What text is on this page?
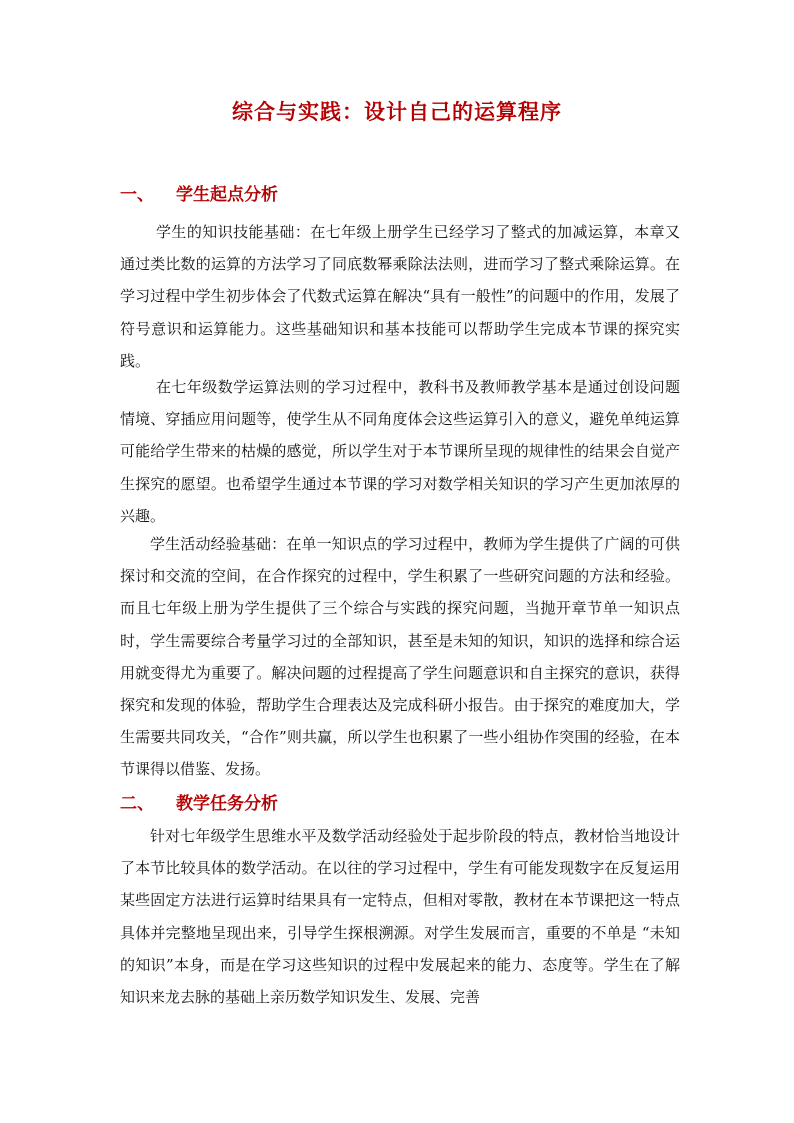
综合与实践：设计自己的运算程序
一、 学生起点分析

学生的知识技能基础：在七年级上册学生已经学习了整式的加减运算，本章又通过类比数的运算的方法学习了同底数幂乘除法法则，进而学习了整式乘除运算。在学习过程中学生初步体会了代数式运算在解决“具有一般性”的问题中的作用，发展了符号意识和运算能力。这些基础知识和基本技能可以帮助学生完成本节课的探究实践。

在七年级数学运算法则的学习过程中，教科书及教师教学基本是通过创设问题情境、穿插应用问题等，使学生从不同角度体会这些运算引入的意义，避免单纯运算可能给学生带来的枯燥的感觉，所以学生对于本节课所呈现的规律性的结果会自觉产生探究的愿望。也希望学生通过本节课的学习对数学相关知识的学习产生更加浓厚的兴趣。

学生活动经验基础：在单一知识点的学习过程中，教师为学生提供了广阔的可供探讨和交流的空间，在合作探究的过程中，学生积累了一些研究问题的方法和经验。而且七年级上册为学生提供了三个综合与实践的探究问题，当抛开章节单一知识点时，学生需要综合考量学习过的全部知识，甚至是未知的知识，知识的选择和综合运用就变得尤为重要了。解决问题的过程提高了学生问题意识和自主探究的意识，获得探究和发现的体验，帮助学生合理表达及完成科研小报告。由于探究的难度加大，学生需要共同攻关，“合作”则共赢，所以学生也积累了一些小组协作突围的经验，在本节课得以借鉴、发扬。

二、 教学任务分析

针对七年级学生思维水平及数学活动经验处于起步阶段的特点，教材恰当地设计了本节比较具体的数学活动。在以往的学习过程中，学生有可能发现数字在反复运用某些固定方法进行运算时结果具有一定特点，但相对零散，教材在本节课把这一特点具体并完整地呈现出来，引导学生探根溯源。对学生发展而言，重要的不单是 “未知的知识”本身，而是在学习这些知识的过程中发展起来的能力、态度等。学生在了解知识来龙去脉的基础上亲历数学知识发生、发展、完善
